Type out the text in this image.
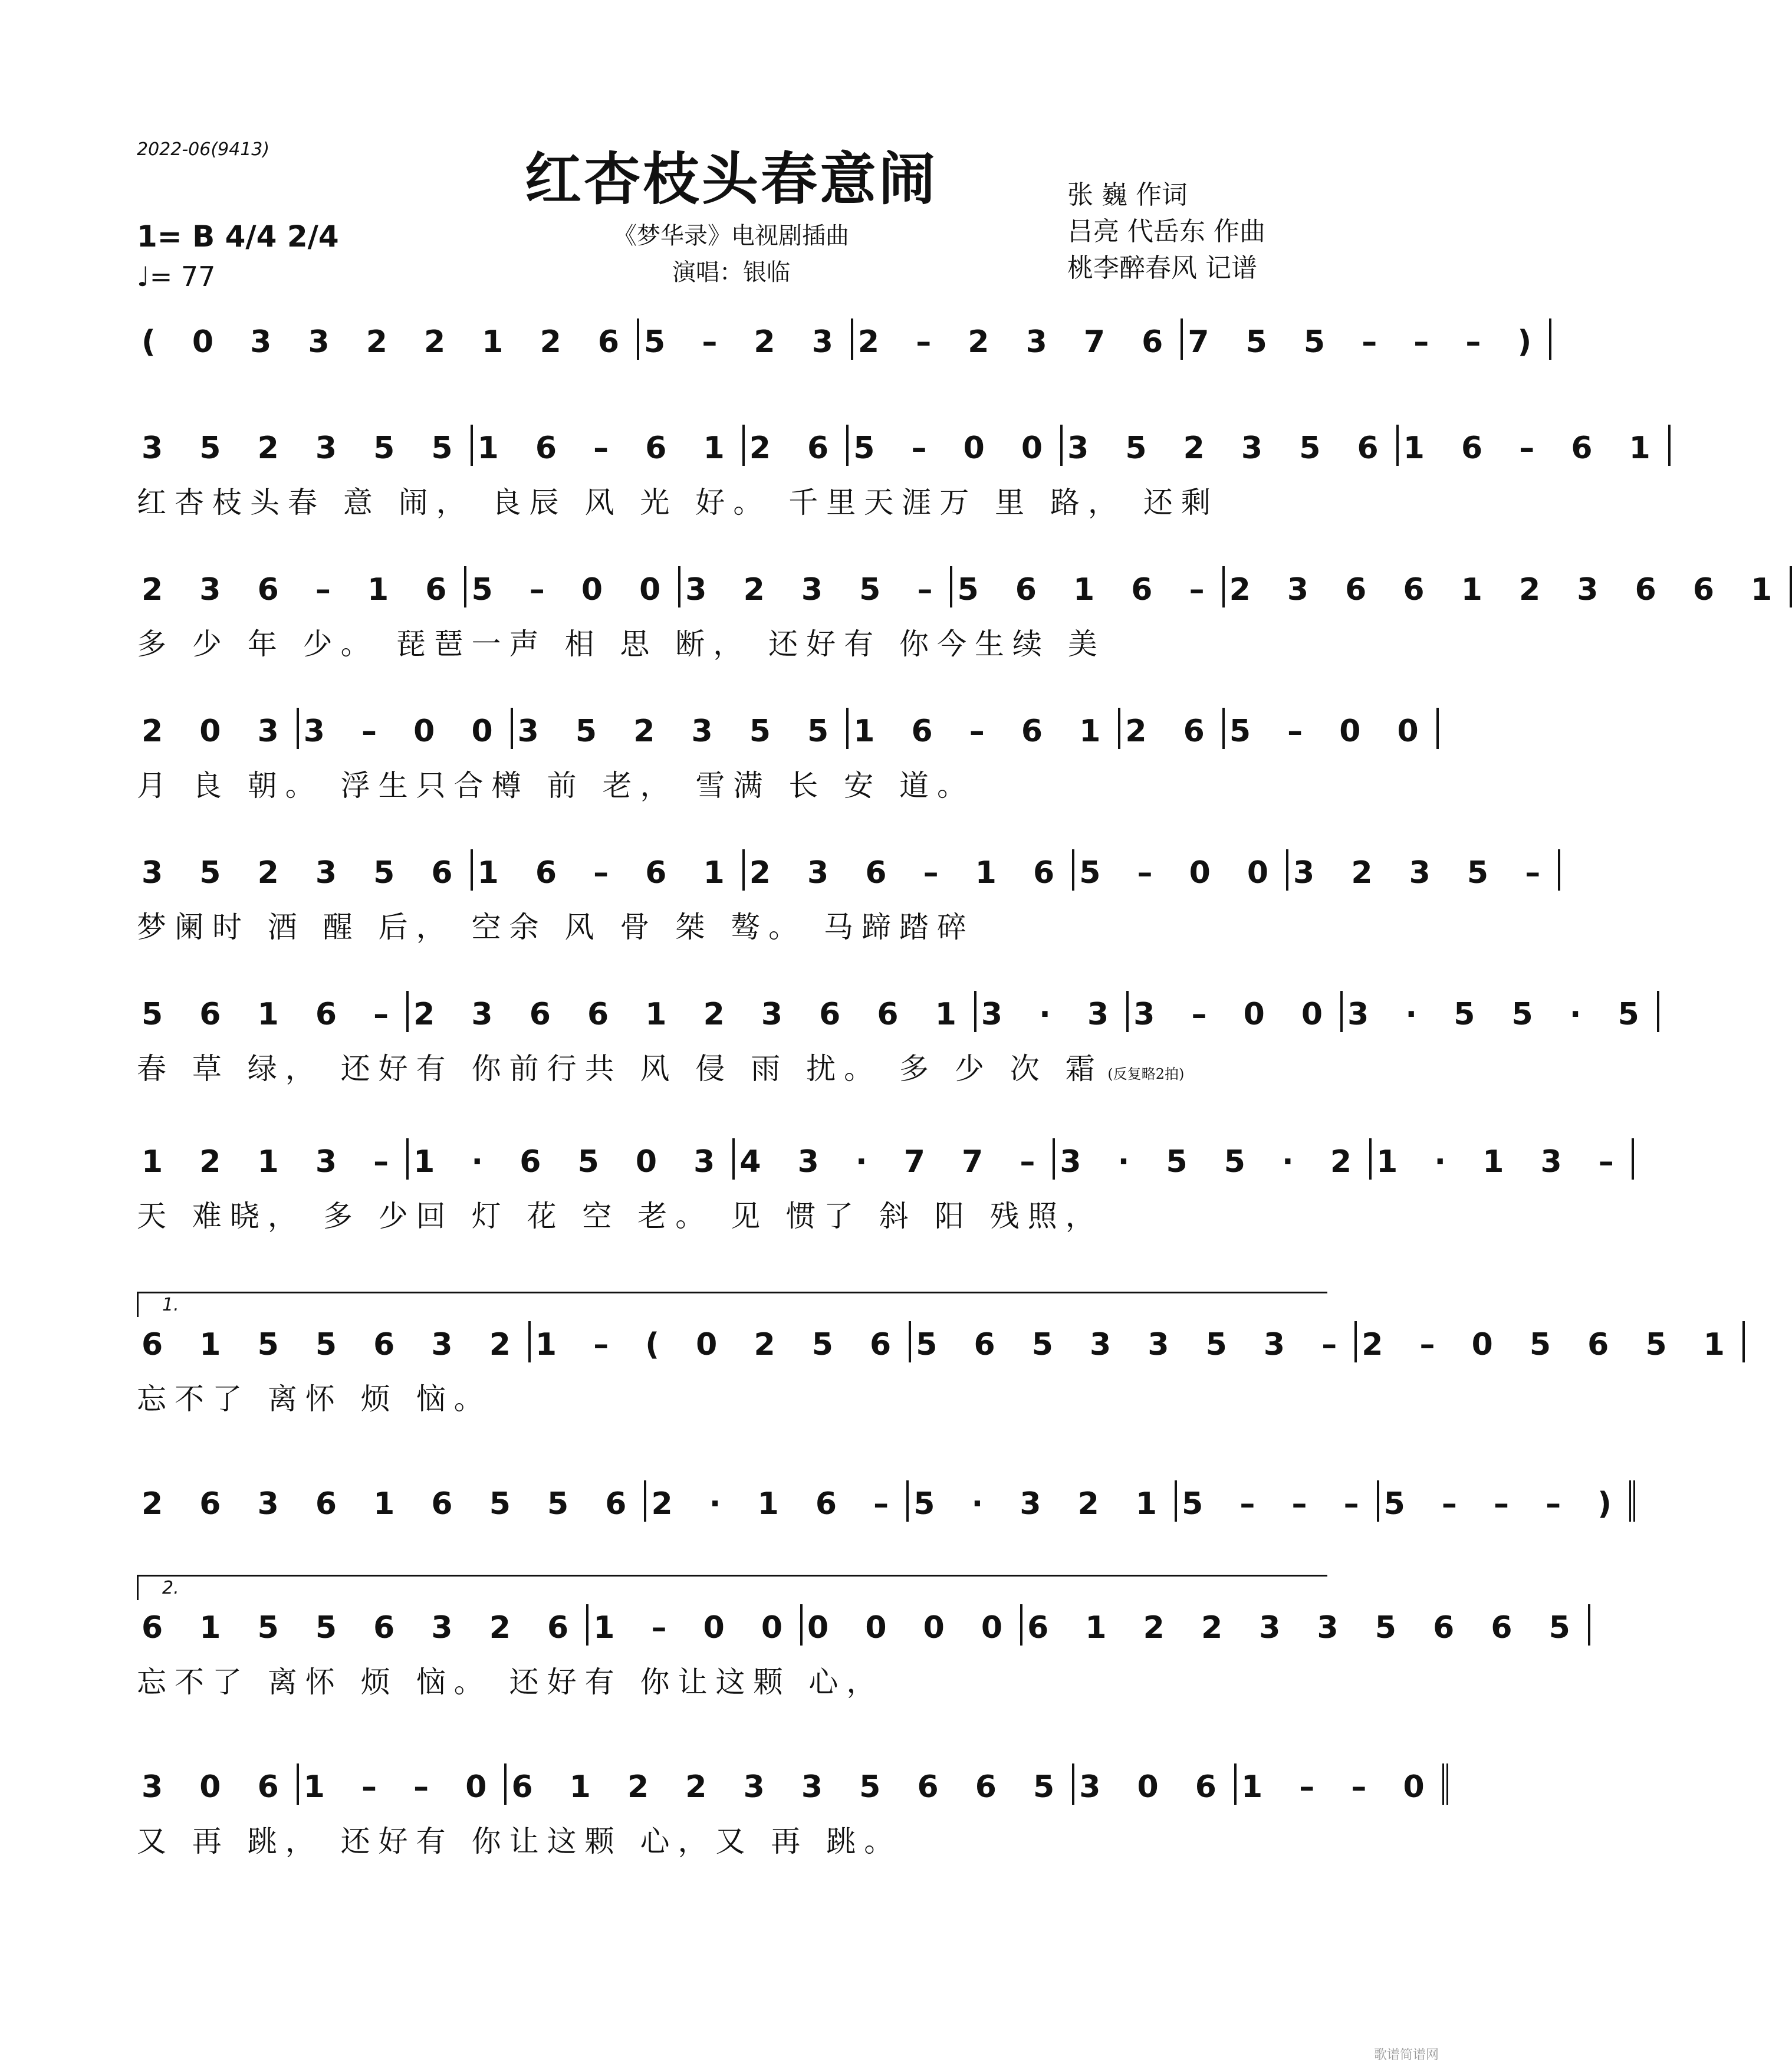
2022-06(9413)	红杏枝头春意闹
《梦华录》电视剧插曲
演唱：银临
张 巍 作词
吕亮 代岳东 作曲
桃李醉春风 记谱
1= B 4/4 2/4
♩= 77
( 0 3 3 2 2 1 2 6 5 – 2 3 2 – 2 3 7 6 7 5 5 – – – )
3 5 2 3 5 5 1 6 – 6 1 2 6 5 – 0 0 3 5 2 3 5 6 1 6 – 6 1
红杏枝头春 意 闹， 良辰 风 光 好。 千里天涯万 里 路， 还剩
2 3 6 – 1 6 5 – 0 0 3 2 3 5 – 5 6 1 6 – 2 3 6 6 1 2 3 6 6 1
多 少 年 少。 琵琶一声 相 思 断， 还好有 你今生续 美
2 0 3 3 – 0 0 3 5 2 3 5 5 1 6 – 6 1 2 6 5 – 0 0
月 良 朝。 浮生只合樽 前 老， 雪满 长 安 道。
3 5 2 3 5 6 1 6 – 6 1 2 3 6 – 1 6 5 – 0 0 3 2 3 5 –
梦阑时 酒 醒 后， 空余 风 骨 桀 骜。 马蹄踏碎
5 6 1 6 – 2 3 6 6 1 2 3 6 6 1 3 · 3 3 – 0 0 3 · 5 5 · 5
春 草 绿， 还好有 你前行共 风 侵 雨 扰。 多 少 次 霜 (反复略2拍)
1 2 1 3 – 1 · 6 5 0 3 4 3 · 7 7 – 3 · 5 5 · 2 1 · 1 3 –
天 难晓， 多 少回 灯 花 空 老。 见 惯了 斜 阳 残照，
1.
6 1 5 5 6 3 2 1 – ( 0 2 5 6 5 6 5 3 3 5 3 – 2 – 0 5 6 5 1
忘不了 离怀 烦 恼。
2 6 3 6 1 6 5 5 6 2 · 1 6 – 5 · 3 2 1 5 – – – 5 – – – )
2.
6 1 5 5 6 3 2 6 1 – 0 0 0 0 0 0 6 1 2 2 3 3 5 6 6 5
忘不了 离怀 烦 恼。 还好有 你让这颗 心，
3 0 6 1 – – 0 6 1 2 2 3 3 5 6 6 5 3 0 6 1 – – 0
又 再 跳， 还好有 你让这颗 心，又 再 跳。
歌谱简谱网
